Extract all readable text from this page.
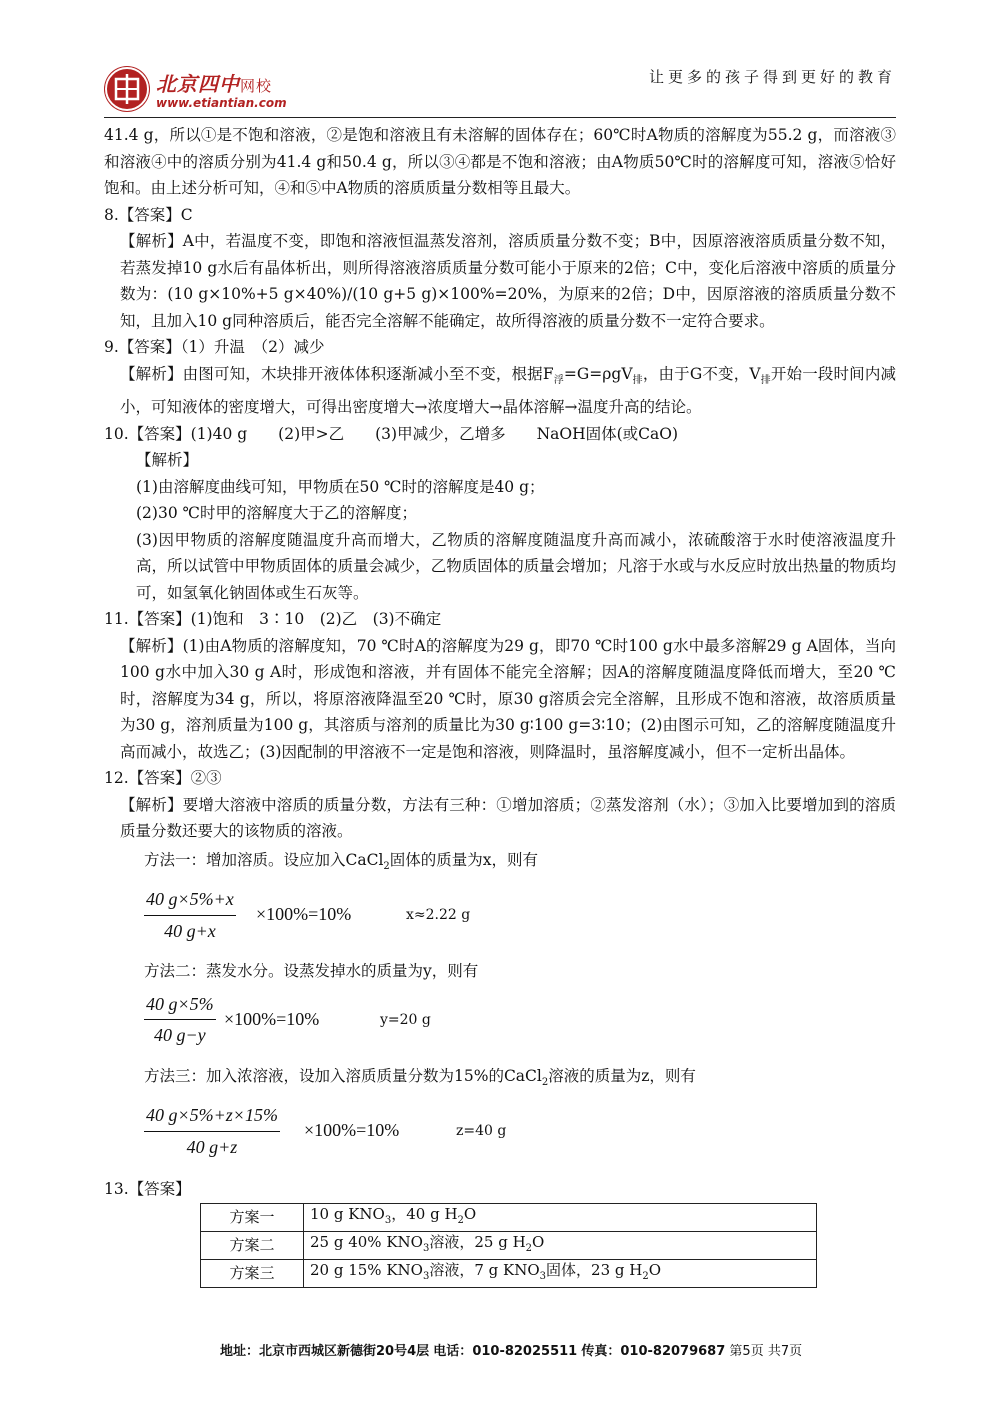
北京四中网校
www.etiantian.com
让更多的孩子得到更好的教育

41.4 g，所以①是不饱和溶液，②是饱和溶液且有未溶解的固体存在；60℃时A物质的溶解度为55.2 g，而溶液③和溶液④中的溶质分别为41.4 g和50.4 g，所以③④都是不饱和溶液；由A物质50℃时的溶解度可知，溶液⑤恰好饱和。由上述分析可知，④和⑤中A物质的溶质质量分数相等且最大。

8.【答案】C

【解析】A中，若温度不变，即饱和溶液恒温蒸发溶剂，溶质质量分数不变；B中，因原溶液溶质质量分数不知，若蒸发掉10 g水后有晶体析出，则所得溶液溶质质量分数可能小于原来的2倍；C中，变化后溶液中溶质的质量分数为：(10 g×10%+5 g×40%)/(10 g+5 g)×100%=20%，为原来的2倍；D中，因原溶液的溶质质量分数不知，且加入10 g同种溶质后，能否完全溶解不能确定，故所得溶液的质量分数不一定符合要求。

9.【答案】（1）升温　（2）减少

【解析】由图可知，木块排开液体体积逐渐减小至不变，根据$F_浮=G=\rho gV_排$，由于G不变，$V_排$开始一段时间内减小，可知液体的密度增大，可得出密度增大→浓度增大→晶体溶解→温度升高的结论。

10.【答案】(1)40 g　　(2)甲>乙　　(3)甲减少，乙增多　　NaOH固体(或CaO)

【解析】

(1)由溶解度曲线可知，甲物质在50 ℃时的溶解度是40 g；

(2)30 ℃时甲的溶解度大于乙的溶解度；

(3)因甲物质的溶解度随温度升高而增大，乙物质的溶解度随温度升高而减小，浓硫酸溶于水时使溶液温度升高，所以试管中甲物质固体的质量会减少，乙物质固体的质量会增加；凡溶于水或与水反应时放出热量的物质均可，如氢氧化钠固体或生石灰等。

11.【答案】(1)饱和　3∶10　(2)乙　(3)不确定

【解析】(1)由A物质的溶解度知，70 ℃时A的溶解度为29 g，即70 ℃时100 g水中最多溶解29 g A固体，当向100 g水中加入30 g A时，形成饱和溶液，并有固体不能完全溶解；因A的溶解度随温度降低而增大，至20 ℃时，溶解度为34 g，所以，将原溶液降温至20 ℃时，原30 g溶质会完全溶解，且形成不饱和溶液，故溶质质量为30 g，溶剂质量为100 g，其溶质与溶剂的质量比为30 g∶100 g=3∶10；(2)由图示可知，乙的溶解度随温度升高而减小，故选乙；(3)因配制的甲溶液不一定是饱和溶液，则降温时，虽溶解度减小，但不一定析出晶体。

12.【答案】②③

【解析】要增大溶液中溶质的质量分数，方法有三种：①增加溶质；②蒸发溶剂（水）；③加入比要增加到的溶质质量分数还要大的该物质的溶液。

方法一：增加溶质。设应加入CaCl$_2$固体的质量为x，则有

40 g×5%+x
40 g+x
×100%=10%	x≈2.22 g

方法二：蒸发水分。设蒸发掉水的质量为y，则有

40 g×5%
40 g−y
×100%=10%	y=20 g

方法三：加入浓溶液，设加入溶质质量分数为15%的CaCl$_2$溶液的质量为z，则有

40 g×5%+z×15%
40 g+z
×100%=10%	z=40 g

13.【答案】

方案一	10 g $KNO_3$，40 g $H_2O$
方案二	25 g 40% $KNO_3$溶液，25 g $H_2O$
方案三	20 g 15% $KNO_3$溶液，7 g $KNO_3$固体，23 g $H_2O$
地址：北京市西城区新德街20号4层 电话：010-82025511 传真：010-82079687 第5页 共7页
